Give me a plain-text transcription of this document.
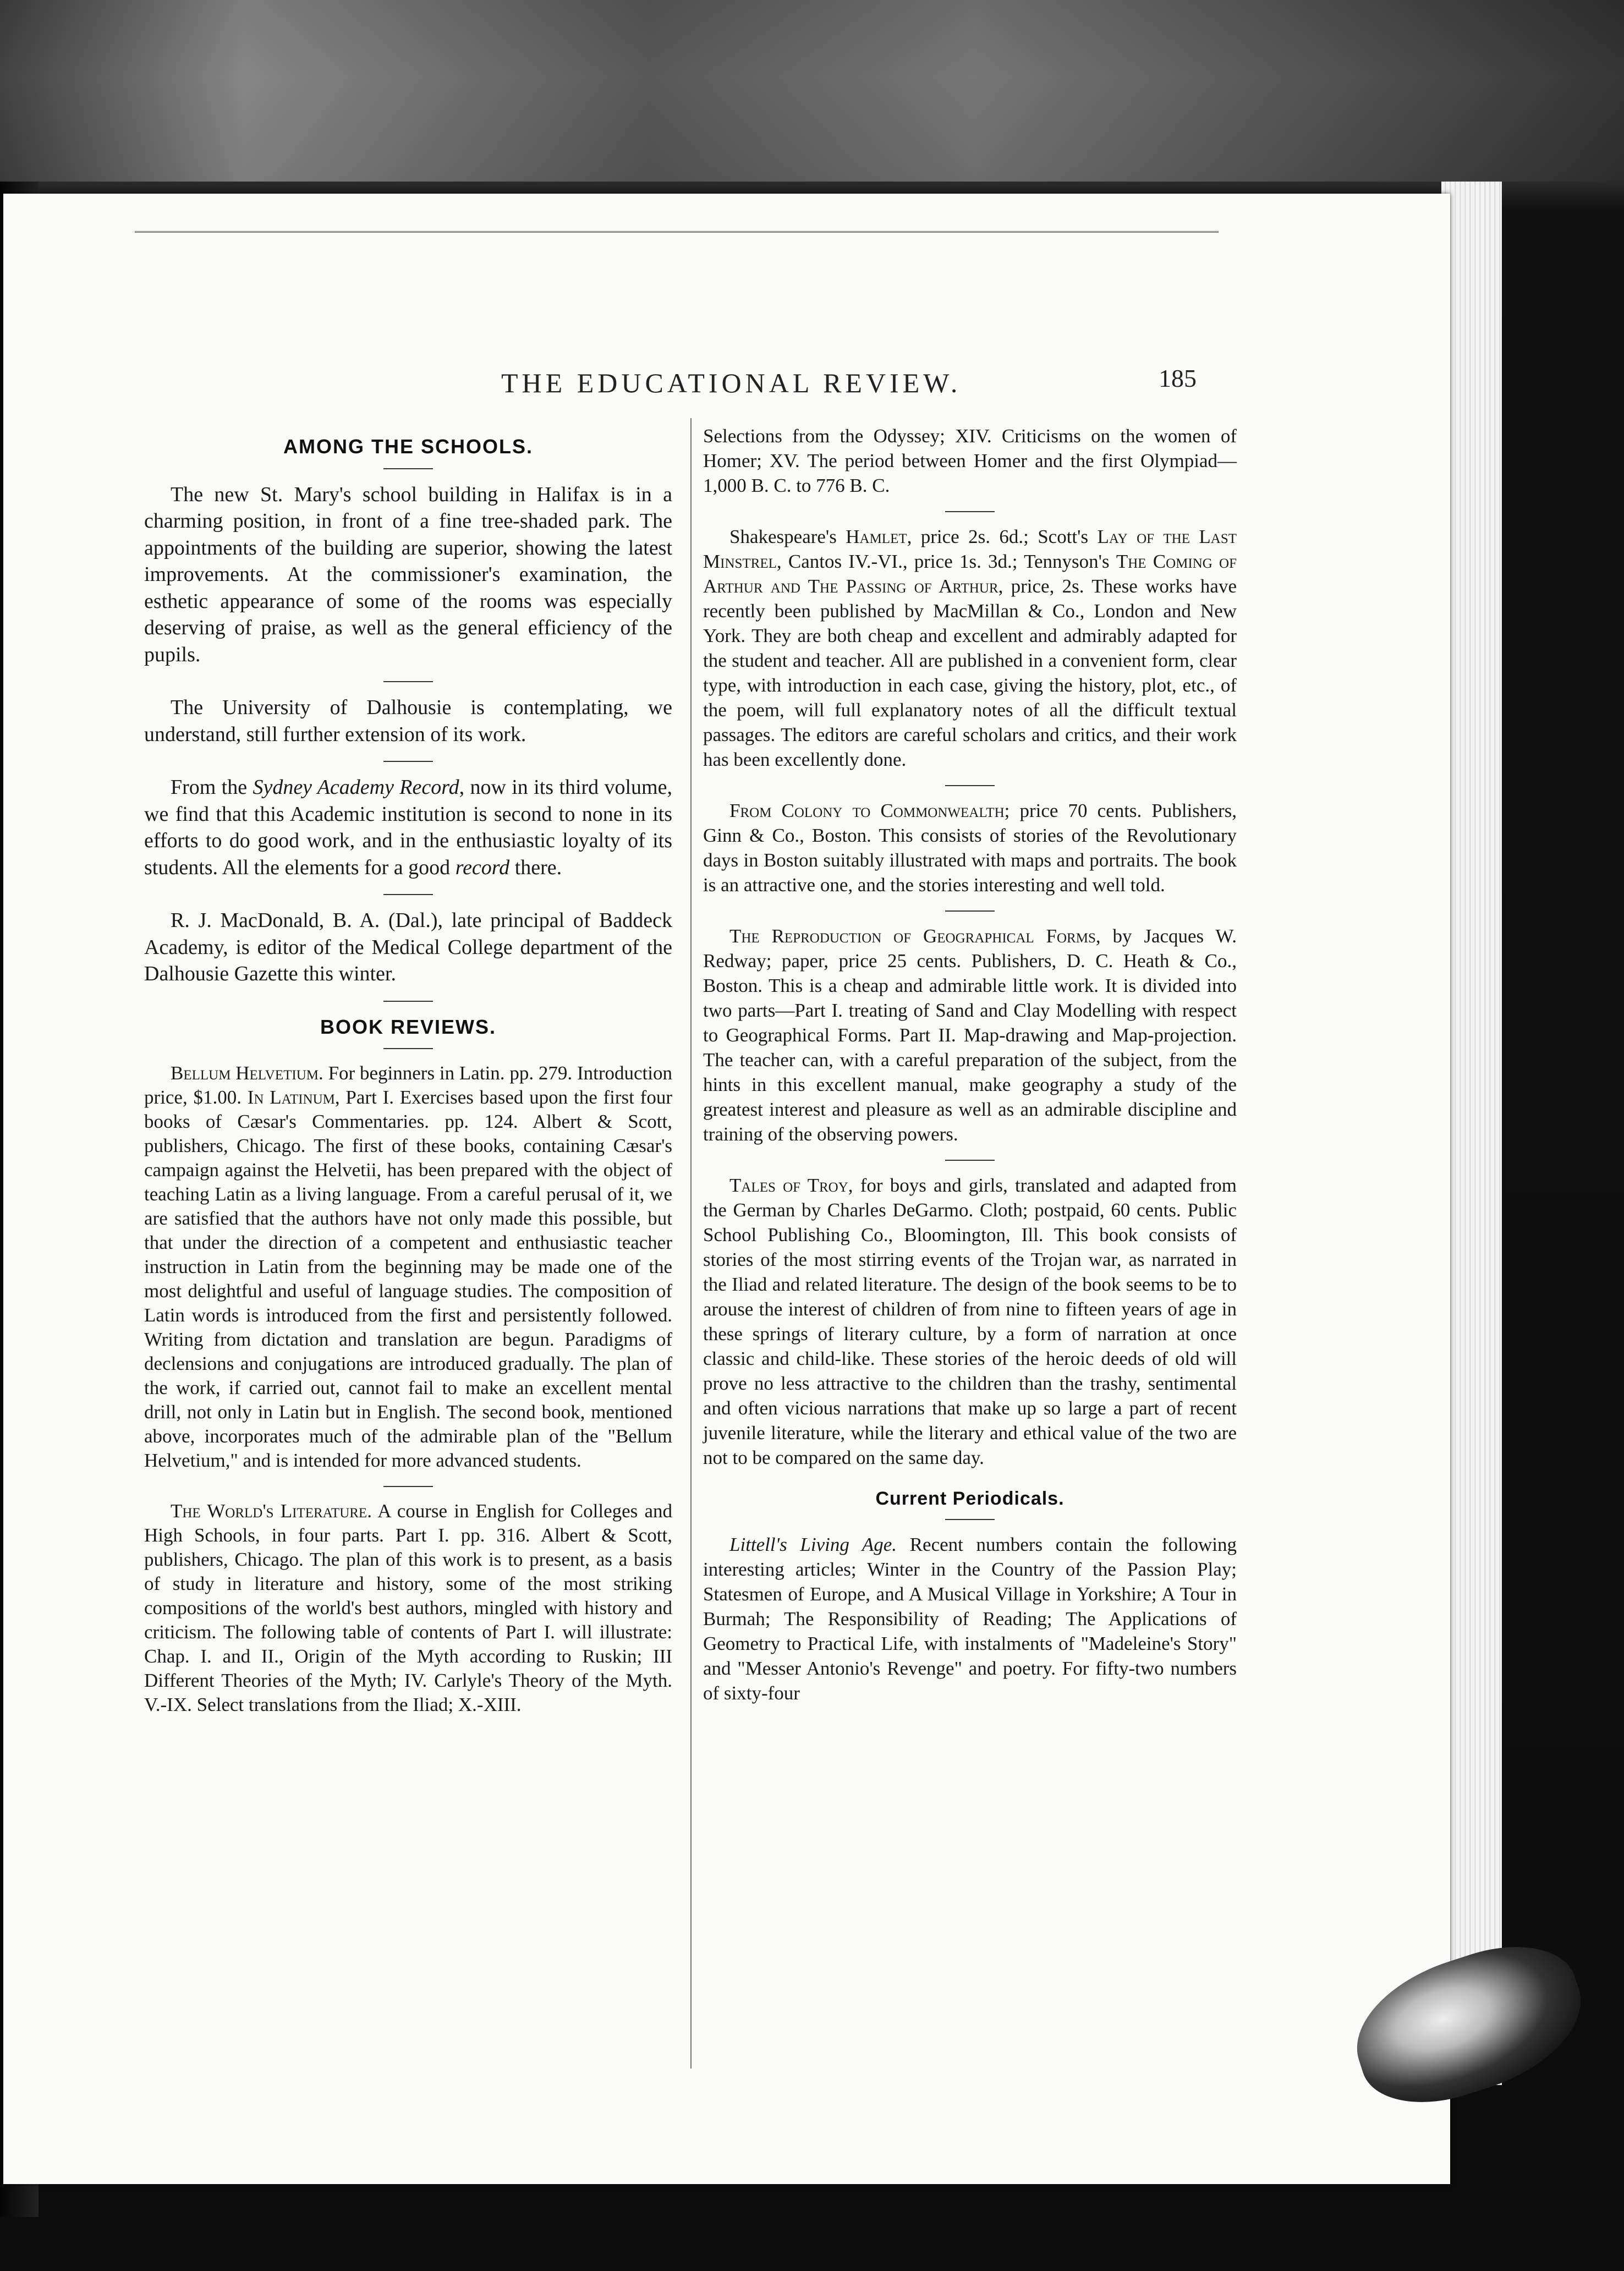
THE EDUCATIONAL REVIEW.	185
AMONG THE SCHOOLS.

The new St. Mary's school building in Halifax is in a charming position, in front of a fine tree-shaded park. The appointments of the building are superior, showing the latest improvements. At the commissioner's examination, the esthetic appearance of some of the rooms was especially deserving of praise, as well as the general efficiency of the pupils.

The University of Dalhousie is contemplating, we understand, still further extension of its work.

From the Sydney Academy Record, now in its third volume, we find that this Academic institution is second to none in its efforts to do good work, and in the enthusiastic loyalty of its students. All the elements for a good record there.

R. J. MacDonald, B. A. (Dal.), late principal of Baddeck Academy, is editor of the Medical College department of the Dalhousie Gazette this winter.

BOOK REVIEWS.

Bellum Helvetium. For beginners in Latin. pp. 279. Introduction price, $1.00. In Latinum, Part I. Exercises based upon the first four books of Cæsar's Commentaries. pp. 124. Albert & Scott, publishers, Chicago. The first of these books, containing Cæsar's campaign against the Helvetii, has been prepared with the object of teaching Latin as a living language. From a careful perusal of it, we are satisfied that the authors have not only made this possible, but that under the direction of a competent and enthusiastic teacher instruction in Latin from the beginning may be made one of the most delightful and useful of language studies. The composition of Latin words is introduced from the first and persistently followed. Writing from dictation and translation are begun. Paradigms of declensions and conjugations are introduced gradually. The plan of the work, if carried out, cannot fail to make an excellent mental drill, not only in Latin but in English. The second book, mentioned above, incorporates much of the admirable plan of the "Bellum Helvetium," and is intended for more advanced students.

The World's Literature. A course in English for Colleges and High Schools, in four parts. Part I. pp. 316. Albert & Scott, publishers, Chicago. The plan of this work is to present, as a basis of study in literature and history, some of the most striking compositions of the world's best authors, mingled with history and criticism. The following table of contents of Part I. will illustrate: Chap. I. and II., Origin of the Myth according to Ruskin; III Different Theories of the Myth; IV. Carlyle's Theory of the Myth. V.-IX. Select translations from the Iliad; X.-XIII.

Selections from the Odyssey; XIV. Criticisms on the women of Homer; XV. The period between Homer and the first Olympiad—1,000 B. C. to 776 B. C.

Shakespeare's Hamlet, price 2s. 6d.; Scott's Lay of the Last Minstrel, Cantos IV.-VI., price 1s. 3d.; Tennyson's The Coming of Arthur and The Passing of Arthur, price, 2s. These works have recently been published by MacMillan & Co., London and New York. They are both cheap and excellent and admirably adapted for the student and teacher. All are published in a convenient form, clear type, with introduction in each case, giving the history, plot, etc., of the poem, will full explanatory notes of all the difficult textual passages. The editors are careful scholars and critics, and their work has been excellently done.

From Colony to Commonwealth; price 70 cents. Publishers, Ginn & Co., Boston. This consists of stories of the Revolutionary days in Boston suitably illustrated with maps and portraits. The book is an attractive one, and the stories interesting and well told.

The Reproduction of Geographical Forms, by Jacques W. Redway; paper, price 25 cents. Publishers, D. C. Heath & Co., Boston. This is a cheap and admirable little work. It is divided into two parts—Part I. treating of Sand and Clay Modelling with respect to Geographical Forms. Part II. Map-drawing and Map-projection. The teacher can, with a careful preparation of the subject, from the hints in this excellent manual, make geography a study of the greatest interest and pleasure as well as an admirable discipline and training of the observing powers.

Tales of Troy, for boys and girls, translated and adapted from the German by Charles DeGarmo. Cloth; postpaid, 60 cents. Public School Publishing Co., Bloomington, Ill. This book consists of stories of the most stirring events of the Trojan war, as narrated in the Iliad and related literature. The design of the book seems to be to arouse the interest of children of from nine to fifteen years of age in these springs of literary culture, by a form of narration at once classic and child-like. These stories of the heroic deeds of old will prove no less attractive to the children than the trashy, sentimental and often vicious narrations that make up so large a part of recent juvenile literature, while the literary and ethical value of the two are not to be compared on the same day.

Current Periodicals.

Littell's Living Age. Recent numbers contain the following interesting articles; Winter in the Country of the Passion Play; Statesmen of Europe, and A Musical Village in Yorkshire; A Tour in Burmah; The Responsibility of Reading; The Applications of Geometry to Practical Life, with instalments of "Madeleine's Story" and "Messer Antonio's Revenge" and poetry. For fifty-two numbers of sixty-four
